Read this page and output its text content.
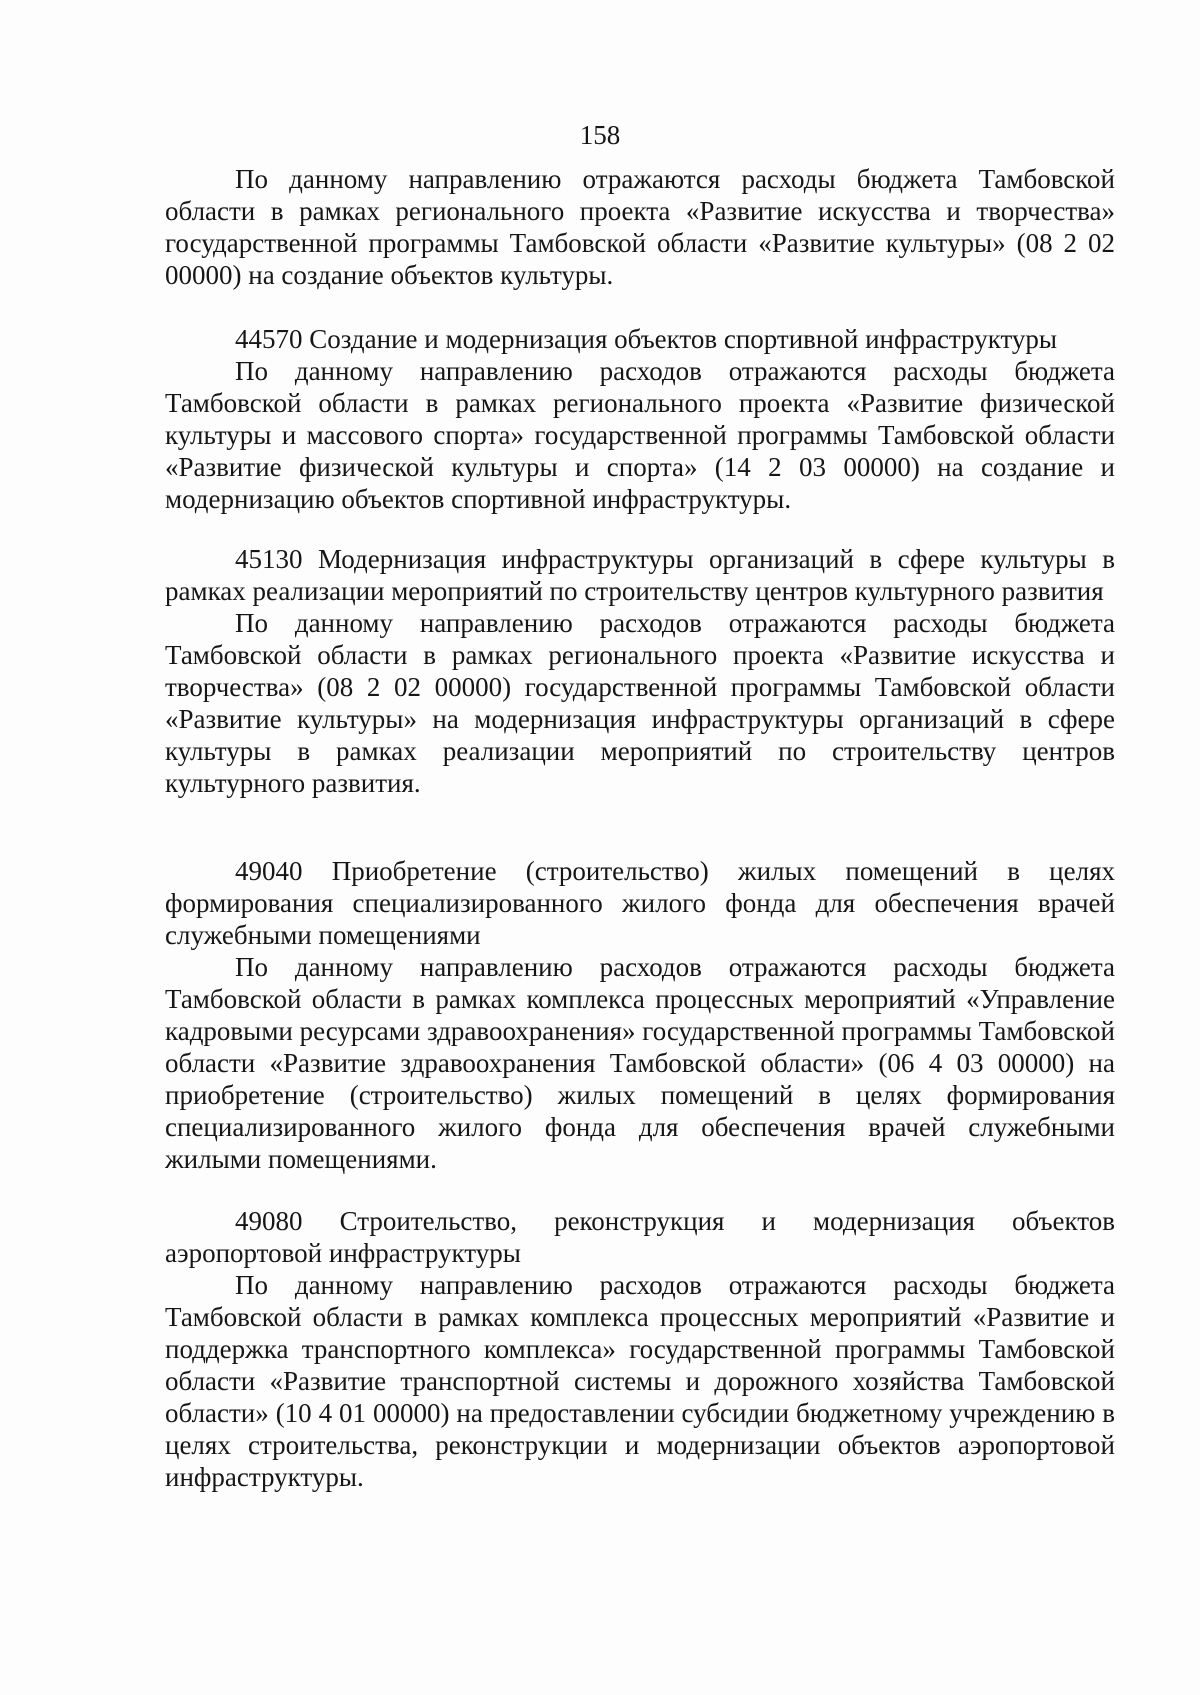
158

По данному направлению отражаются расходы бюджета Тамбовской области в рамках регионального проекта «Развитие искусства и творчества» государственной программы Тамбовской области «Развитие культуры» (08 2 02 00000) на создание объектов культуры.

44570 Создание и модернизация объектов спортивной инфраструктуры

По данному направлению расходов отражаются расходы бюджета Тамбовской области в рамках регионального проекта «Развитие физической культуры и массового спорта» государственной программы Тамбовской области «Развитие физической культуры и спорта» (14 2 03 00000) на создание и модернизацию объектов спортивной инфраструктуры.

45130 Модернизация инфраструктуры организаций в сфере культуры в рамках реализации мероприятий по строительству центров культурного развития

По данному направлению расходов отражаются расходы бюджета Тамбовской области в рамках регионального проекта «Развитие искусства и творчества» (08 2 02 00000) государственной программы Тамбовской области «Развитие культуры» на модернизация инфраструктуры организаций в сфере культуры в рамках реализации мероприятий по строительству центров культурного развития.

49040 Приобретение (строительство) жилых помещений в целях формирования специализированного жилого фонда для обеспечения врачей служебными помещениями

По данному направлению расходов отражаются расходы бюджета Тамбовской области в рамках комплекса процессных мероприятий «Управление кадровыми ресурсами здравоохранения» государственной программы Тамбовской области «Развитие здравоохранения Тамбовской области» (06 4 03 00000) на приобретение (строительство) жилых помещений в целях формирования специализированного жилого фонда для обеспечения врачей служебными жилыми помещениями.

49080 Строительство, реконструкция и модернизация объектов аэропортовой инфраструктуры

По данному направлению расходов отражаются расходы бюджета Тамбовской области в рамках комплекса процессных мероприятий «Развитие и поддержка транспортного комплекса» государственной программы Тамбовской области «Развитие транспортной системы и дорожного хозяйства Тамбовской области» (10 4 01 00000) на предоставлении субсидии бюджетному учреждению в целях строительства, реконструкции и модернизации объектов аэропортовой инфраструктуры.
